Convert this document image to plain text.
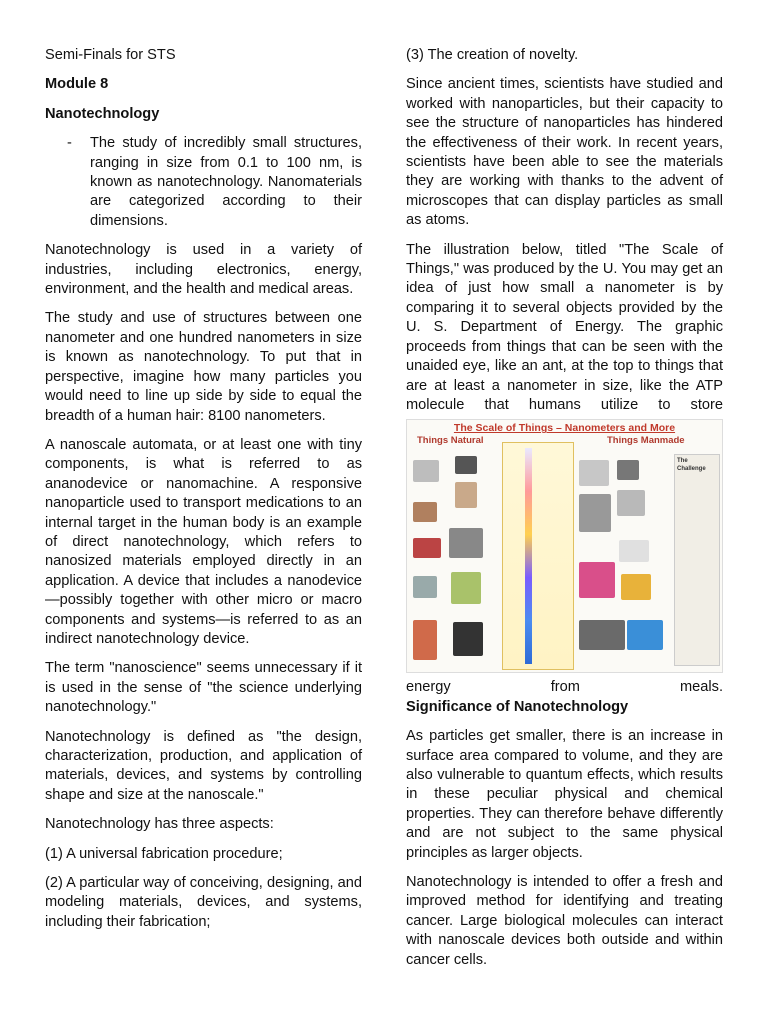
Semi-Finals for STS
Module 8
Nanotechnology
-	The study of incredibly small structures, ranging in size from 0.1 to 100 nm, is known as nanotechnology. Nanomaterials are categorized according to their dimensions.

Nanotechnology is used in a variety of industries, including electronics, energy, environment, and the health and medical areas.

The study and use of structures between one nanometer and one hundred nanometers in size is known as nanotechnology. To put that in perspective, imagine how many particles you would need to line up side by side to equal the breadth of a human hair: 8100 nanometers.

A nanoscale automata, or at least one with tiny components, is what is referred to as ananodevice or nanomachine. A responsive nanoparticle used to transport medications to an internal target in the human body is an example of direct nanotechnology, which refers to nanosized materials employed directly in an application. A device that includes a nanodevice—possibly together with other micro or macro components and systems—is referred to as an indirect nanotechnology device.

The term "nanoscience" seems unnecessary if it is used in the sense of "the science underlying nanotechnology."

Nanotechnology is defined as "the design, characterization, production, and application of materials, devices, and systems by controlling shape and size at the nanoscale."

Nanotechnology has three aspects:
(1) A universal fabrication procedure;

(2) A particular way of conceiving, designing, and modeling materials, devices, and systems, including their fabrication;

(3) The creation of novelty.

Since ancient times, scientists have studied and worked with nanoparticles, but their capacity to see the structure of nanoparticles has hindered the effectiveness of their work. In recent years, scientists have been able to see the materials they are working with thanks to the advent of microscopes that can display particles as small as atoms.

The illustration below, titled "The Scale of Things," was produced by the U. You may get an idea of just how small a nanometer is by comparing it to several objects provided by the U. S. Department of Energy. The graphic proceeds from things that can be seen with the unaided eye, like an ant, at the top to things that are at least a nanometer in size, like the ATP molecule that humans utilize to store

The Scale of Things – Nanometers and More
Things Natural	Things Manmade
The Challenge
energy from meals.
Significance of Nanotechnology

As particles get smaller, there is an increase in surface area compared to volume, and they are also vulnerable to quantum effects, which results in these peculiar physical and chemical properties. They can therefore behave differently and are not subject to the same physical principles as larger objects.

Nanotechnology is intended to offer a fresh and improved method for identifying and treating cancer. Large biological molecules can interact with nanoscale devices both outside and within cancer cells.
